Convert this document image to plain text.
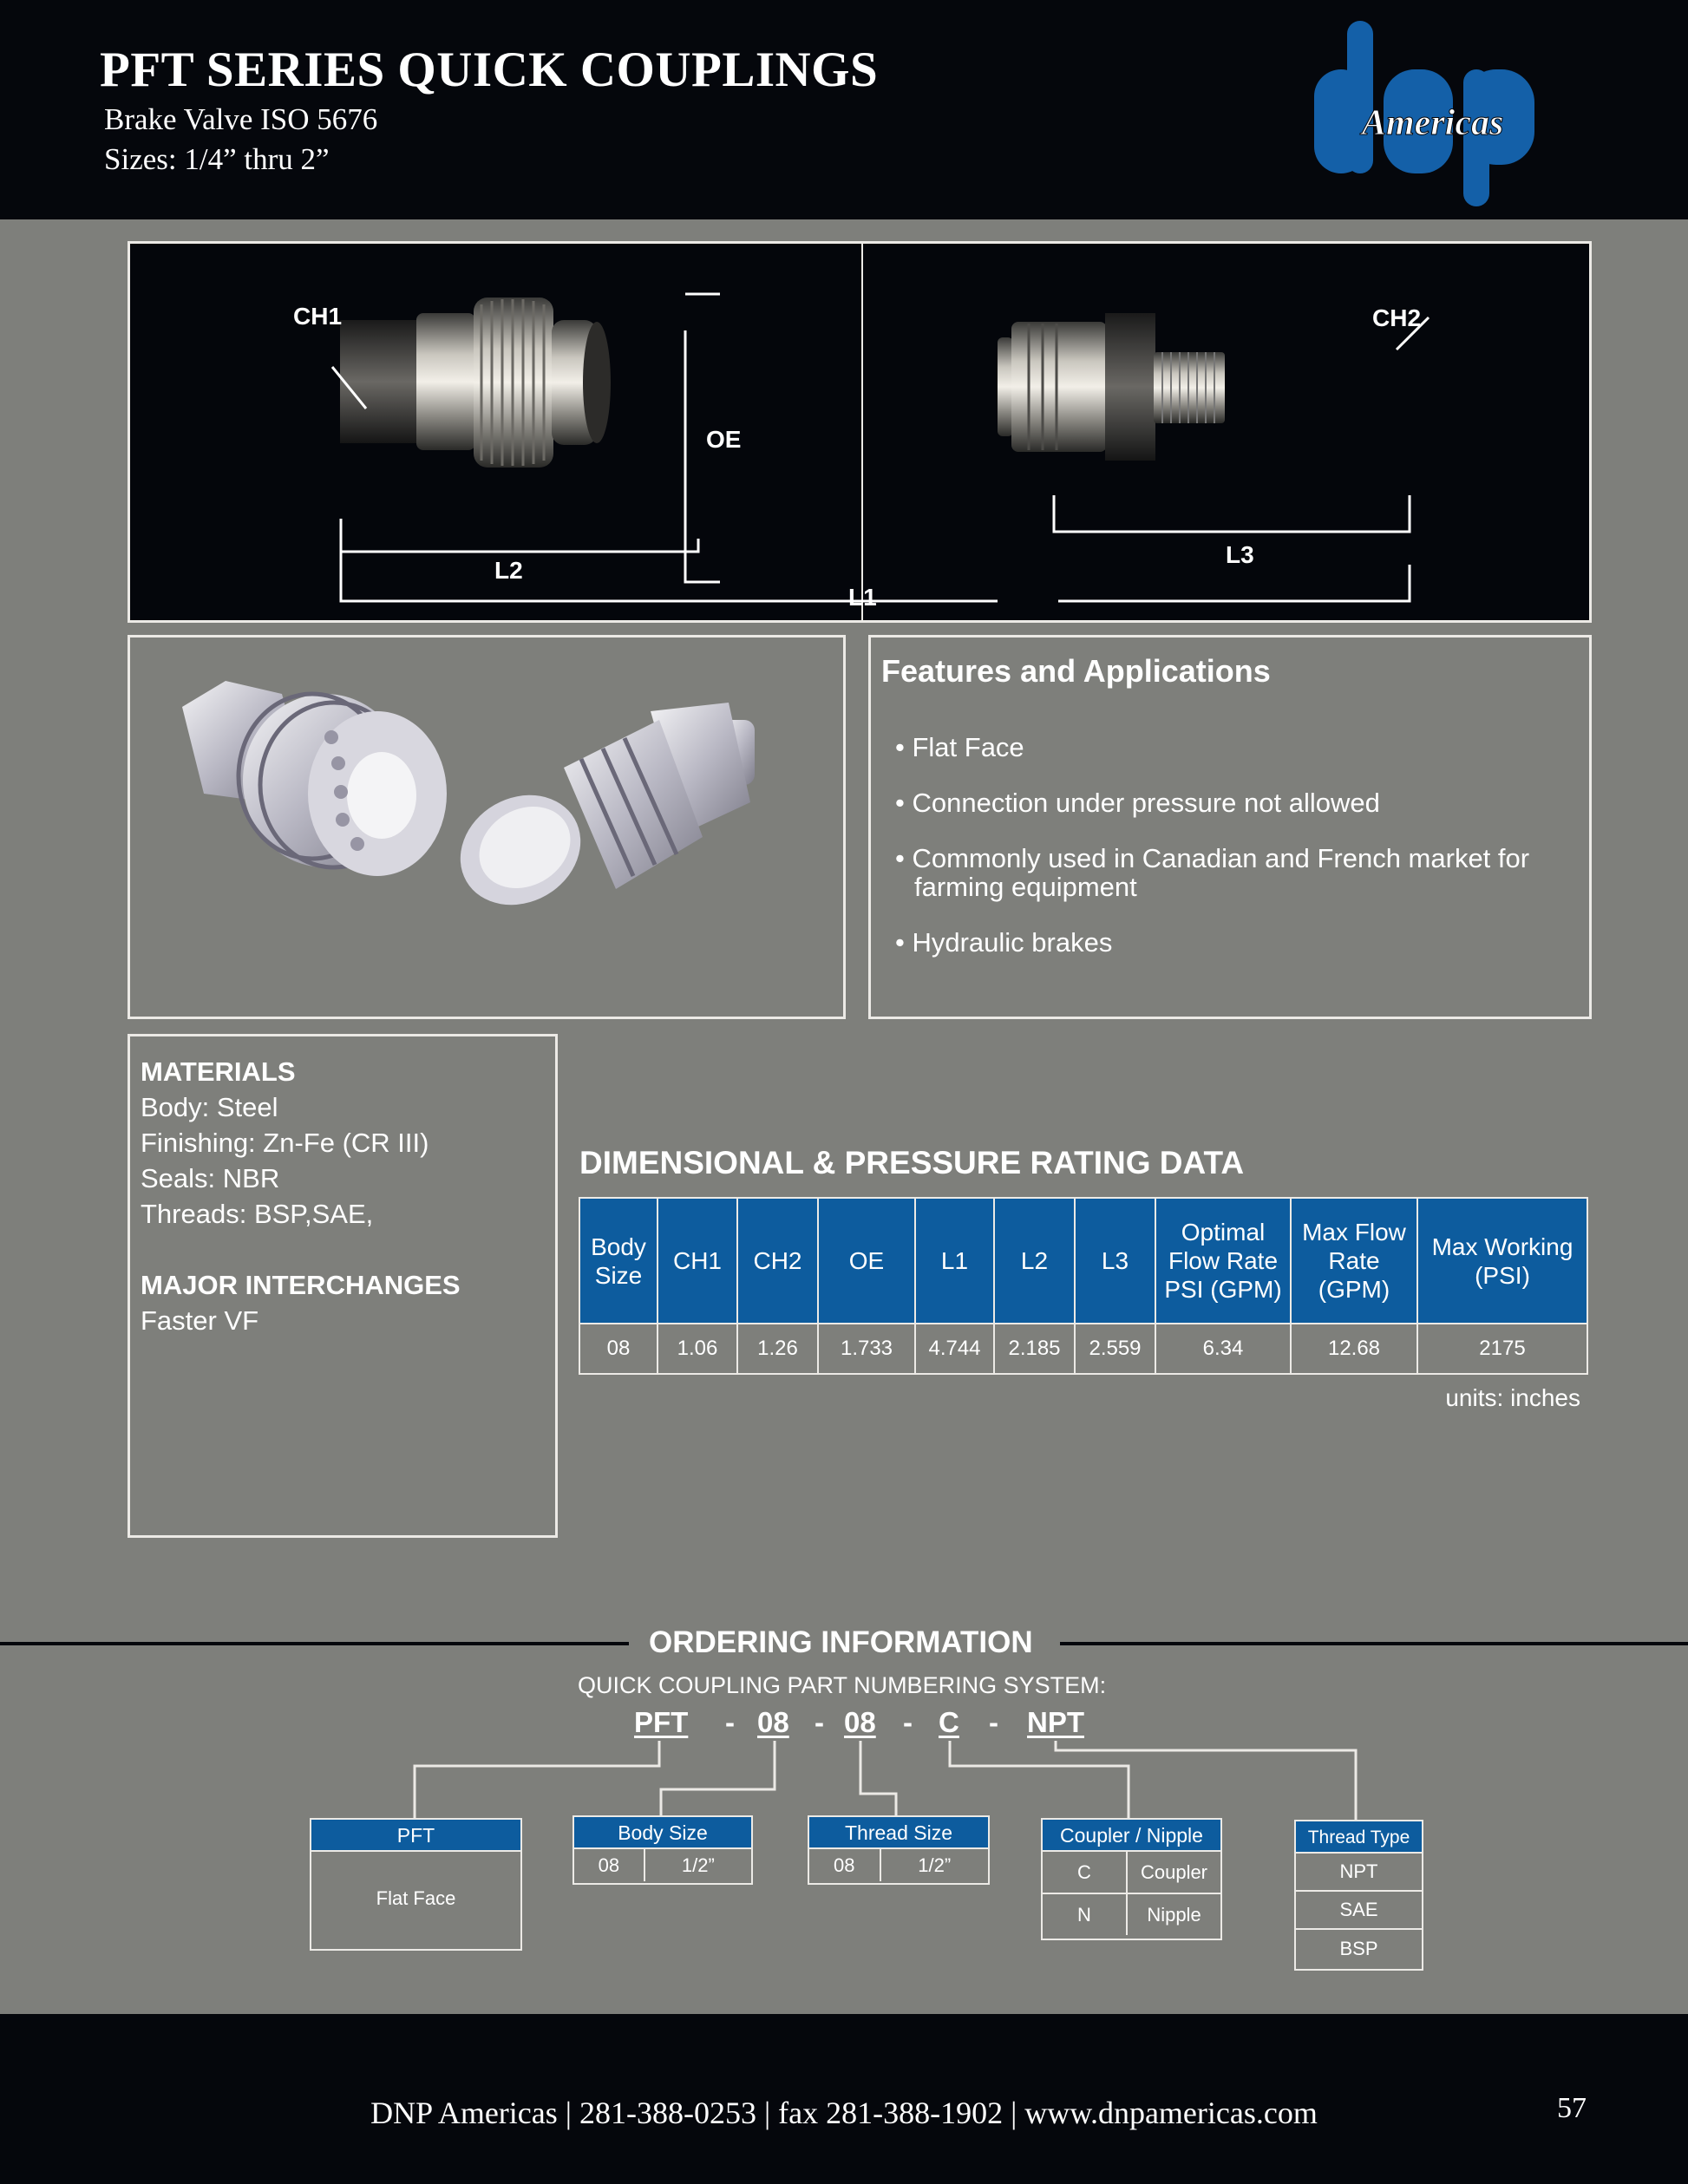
PFT SERIES QUICK COUPLINGS
Brake Valve ISO 5676
Sizes: 1/4” thru 2”
Americas
CH1	CH2
OE
L2
L3
L1
Features and Applications
• Flat Face
• Connection under pressure not allowed
• Commonly used in Canadian and French market for farming equipment
• Hydraulic brakes
MATERIALS
Body: Steel
Finishing: Zn-Fe (CR III)
Seals: NBR
Threads: BSP,SAE,
MAJOR INTERCHANGES
Faster VF
DIMENSIONAL & PRESSURE RATING DATA
Body Size	CH1	CH2	OE	L1	L2	L3	Optimal Flow Rate PSI (GPM)	Max Flow Rate (GPM)	Max Working (PSI)
08	1.06	1.26	1.733	4.744	2.185	2.559	6.34	12.68	2175
units: inches
ORDERING INFORMATION
QUICK COUPLING PART NUMBERING SYSTEM:
PFT - 08 - 08 - C - NPT
PFT
Flat Face
Body Size
08	1/2”
Thread Size
08	1/2”
Coupler / Nipple
C	Coupler
N	Nipple
Thread Type
NPT
SAE
BSP
DNP Americas | 281-388-0253 | fax 281-388-1902 | www.dnpamericas.com	57
